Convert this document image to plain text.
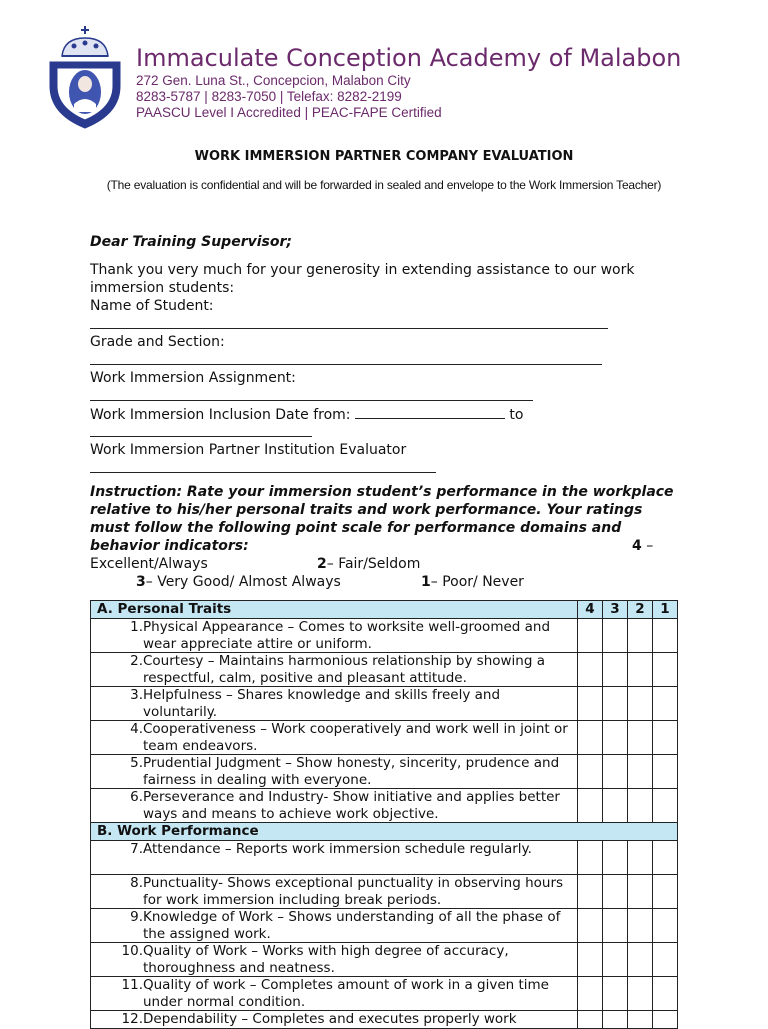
Immaculate Conception Academy of Malabon
272 Gen. Luna St., Concepcion, Malabon City
8283-5787 | 8283-7050 | Telefax: 8282-2199
PAASCU Level I Accredited | PEAC-FAPE Certified
WORK IMMERSION PARTNER COMPANY EVALUATION
(The evaluation is confidential and will be forwarded in sealed and envelope to the Work Immersion Teacher)
Dear Training Supervisor;
Thank you very much for your generosity in extending assistance to our work immersion students:
Name of Student:
Grade and Section:
Work Immersion Assignment:
Work Immersion Inclusion Date from:	to
Work Immersion Partner Institution Evaluator
Instruction: Rate your immersion student’s performance in the workplace relative to his/her personal traits and work performance. Your ratings must follow the following point scale for performance domains and behavior indicators:	4 –
Excellent/Always	2 – Fair/Seldom
3 – Very Good/ Almost Always	1 – Poor/ Never
A. Personal Traits	4	3	2	1

1. Physical Appearance – Comes to worksite well-groomed and wear appreciate attire or uniform.				

2. Courtesy – Maintains harmonious relationship by showing a respectful, calm, positive and pleasant attitude.				

3. Helpfulness – Shares knowledge and skills freely and voluntarily.				

4. Cooperativeness – Work cooperatively and work well in joint or team endeavors.				

5. Prudential Judgment – Show honesty, sincerity, prudence and fairness in dealing with everyone.				

6. Perseverance and Industry- Show initiative and applies better ways and means to achieve work objective.				

B. Work Performance				

7. Attendance – Reports work immersion schedule regularly.				

8. Punctuality- Shows exceptional punctuality in observing hours for work immersion including break periods.				

9. Knowledge of Work – Shows understanding of all the phase of the assigned work.				

10. Quality of Work – Works with high degree of accuracy, thoroughness and neatness.				

11. Quality of work – Completes amount of work in a given time under normal condition.				

12. Dependability – Completes and executes properly work				
